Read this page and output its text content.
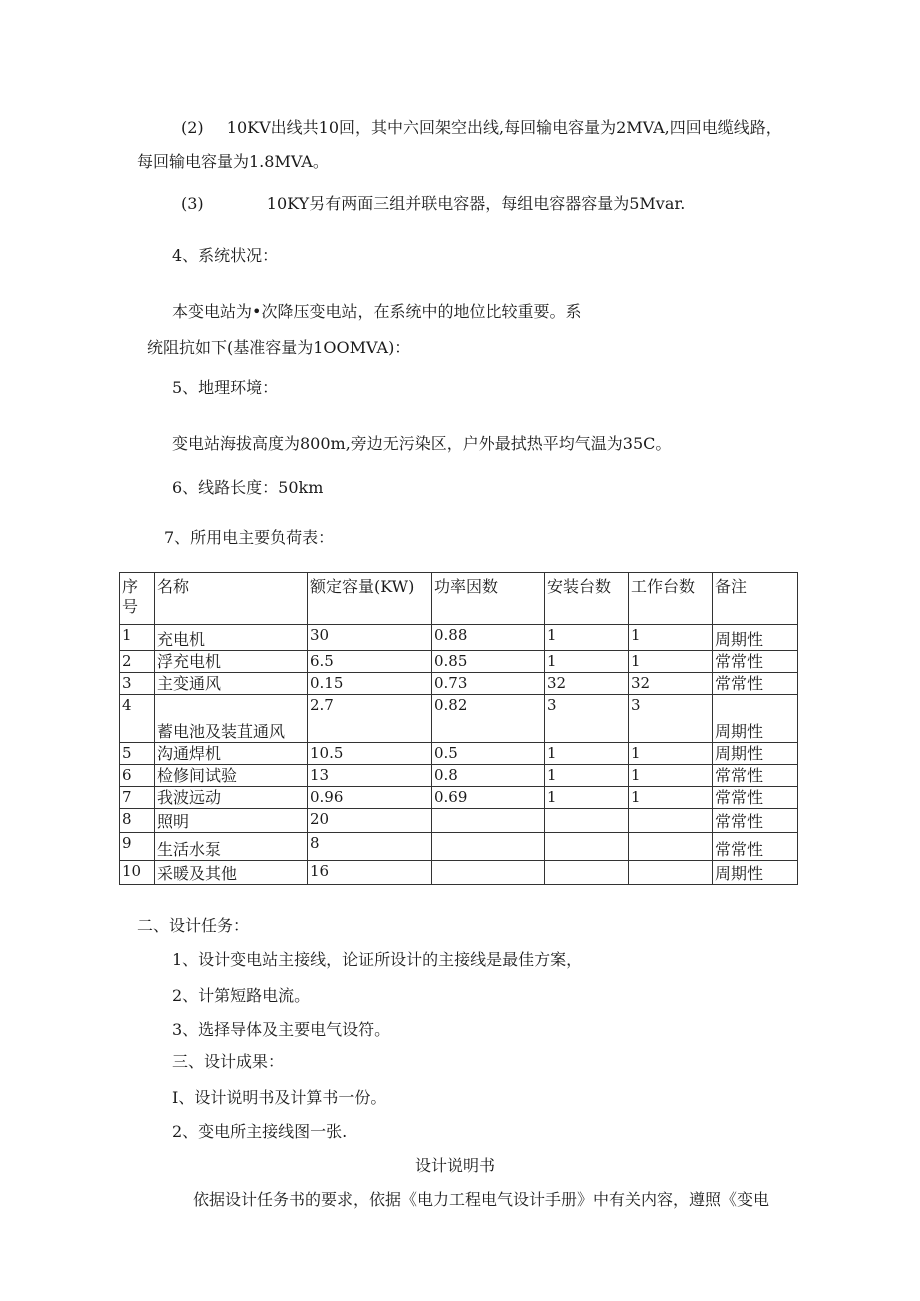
(2) 10KV出线共10回，其中六回架空出线,每回输电容量为2MVA,四回电缆线路，
每回输电容量为1.8MVA。
(3)	10KY另有两面三组并联电容器，每组电容器容量为5Mvar.
4、系统状况：
本变电站为•次降压变电站，在系统中的地位比较重要。系
统阻抗如下(基准容量为1OOMVA)：
5、地理环境：
变电站海拔高度为800m,旁边无污染区，户外最拭热平均气温为35C。
6、线路长度：50km
7、所用电主要负荷表：
序
号	名称	额定容量(KW)	功率因数	安装台数	工作台数	备注
1	充电机	30	0.88	1	1	周期性
2	浮充电机	6.5	0.85	1	1	常常性
3	主变通风	0.15	0.73	32	32	常常性
4	蓄电池及装苴通风	2.7	0.82	3	3	周期性
5	沟通焊机	10.5	0.5	1	1	周期性
6	检修间试验	13	0.8	1	1	常常性
7	我波远动	0.96	0.69	1	1	常常性
8	照明	20				常常性
9	生活水泵	8				常常性
10	采暖及其他	16				周期性
二、设计任务：
1、设计变电站主接线，论证所设计的主接线是最佳方案，
2、计第短路电流。
3、选择导体及主要电气设符。
三、设计成果：
I、设计说明书及计算书一份。
2、变电所主接线图一张.
设计说明书
依据设计任务书的要求，依据《电力工程电气设计手册》中有关内容，遵照《变电
